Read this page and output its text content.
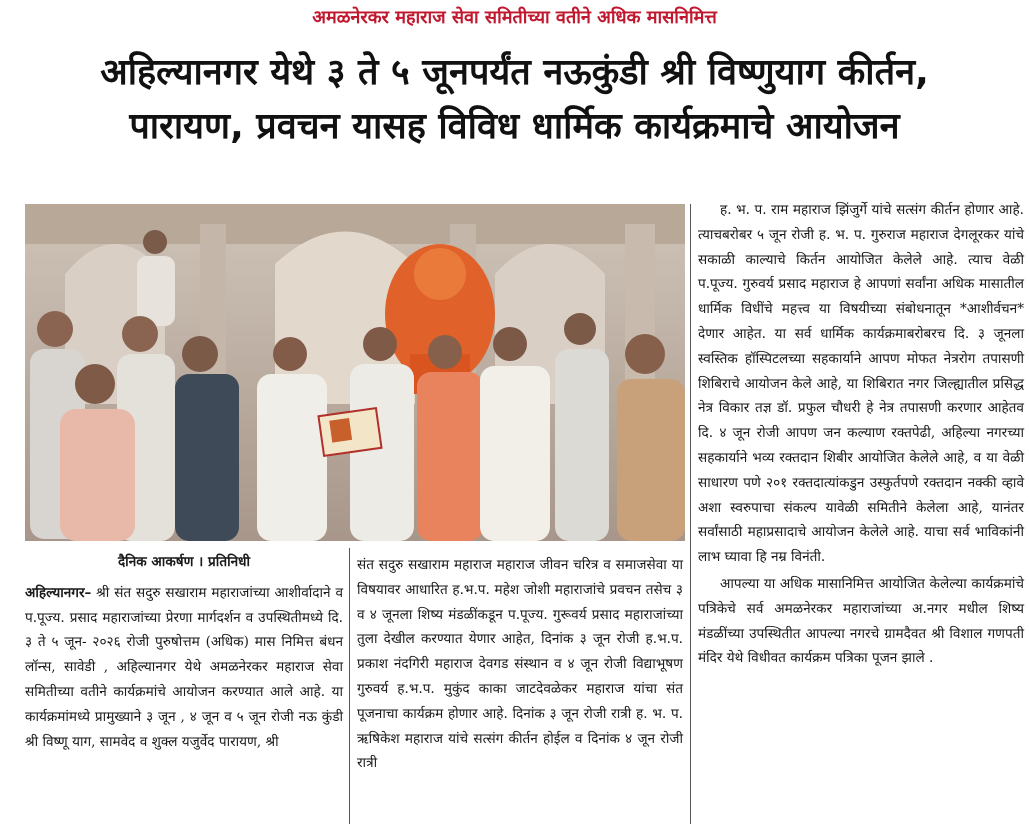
अमळनेरकर महाराज सेवा समितीच्या वतीने अधिक मासनिमित्त
अहिल्यानगर येथे ३ ते ५ जूनपर्यंत नऊकुंडी श्री विष्णुयाग कीर्तन,
पारायण, प्रवचन यासह विविध धार्मिक कार्यक्रमाचे आयोजन
दैनिक आकर्षण । प्रतिनिधी

अहिल्यानगर– श्री संत सदुरु सखाराम महाराजांच्या आशीर्वादाने व प.पूज्य. प्रसाद महाराजांच्या प्रेरणा मार्गदर्शन व उपस्थितीमध्ये दि. ३ ते ५ जून- २०२६ रोजी पुरुषोत्तम (अधिक) मास निमित्त बंधन लॉन्स, सावेडी , अहिल्यानगर येथे अमळनेरकर महाराज सेवा समितीच्या वतीने कार्यक्रमांचे आयोजन करण्यात आले आहे. या कार्यक्रमांमध्ये प्रामुख्याने ३ जून , ४ जून व ५ जून रोजी नऊ कुंडी श्री विष्णू याग, सामवेद व शुक्ल यजुर्वेद पारायण, श्री

संत सदुरु सखाराम महाराज महाराज जीवन चरित्र व समाजसेवा या विषयावर आधारित ह.भ.प. महेश जोशी महाराजांचे प्रवचन तसेच ३ व ४ जूनला शिष्य मंडळींकडून प.पूज्य. गुरूवर्य प्रसाद महाराजांच्या तुला देखील करण्यात येणार आहेत, दिनांक ३ जून रोजी ह.भ.प. प्रकाश नंदगिरी महाराज देवगड संस्थान व ४ जून रोजी विद्याभूषण गुरुवर्य ह.भ.प. मुकुंद काका जाटदेवळेकर महाराज यांचा संत पूजनाचा कार्यक्रम होणार आहे. दिनांक ३ जून रोजी रात्री ह. भ. प. ऋषिकेश महाराज यांचे सत्संग कीर्तन होईल व दिनांक ४ जून रोजी रात्री

ह. भ. प. राम महाराज झिंजुर्गे यांचे सत्संग कीर्तन होणार आहे. त्याचबरोबर ५ जून रोजी ह. भ. प. गुरुराज महाराज देगलूरकर यांचे सकाळी काल्याचे किर्तन आयोजित केलेले आहे. त्याच वेळी प.पूज्य. गुरुवर्य प्रसाद महाराज हे आपणां सर्वांना अधिक मासातील धार्मिक विधींचे महत्त्व या विषयीच्या संबोधनातून *आशीर्वचन* देणार आहेत. या सर्व धार्मिक कार्यक्रमाबरोबरच दि. ३ जूनला स्वस्तिक हॉस्पिटलच्या सहकार्याने आपण मोफत नेत्ररोग तपासणी शिबिराचे आयोजन केले आहे, या शिबिरात नगर जिल्ह्यातील प्रसिद्ध नेत्र विकार तज्ञ डॉ. प्रफुल चौधरी हे नेत्र तपासणी करणार आहेतव दि. ४ जून रोजी आपण जन कल्याण रक्तपेढी, अहिल्या नगरच्या सहकार्याने भव्य रक्तदान शिबीर आयोजित केलेले आहे, व या वेळी साधारण पणे २०१ रक्तदात्यांकडुन उस्फुर्तपणे रक्तदान नक्की व्हावे अशा स्वरुपाचा संकल्प यावेळी समितीने केलेला आहे, यानंतर सर्वांसाठी महाप्रसादाचे आयोजन केलेले आहे. याचा सर्व भाविकांनी लाभ घ्यावा हि नम्र विनंती.

आपल्या या अधिक मासानिमित्त आयोजित केलेल्या कार्यक्रमांचे पत्रिकेचे सर्व अमळनेरकर महाराजांच्या अ.नगर मधील शिष्य मंडळींच्या उपस्थितीत आपल्या नगरचे ग्रामदैवत श्री विशाल गणपती मंदिर येथे विधीवत कार्यक्रम पत्रिका पूजन झाले .
